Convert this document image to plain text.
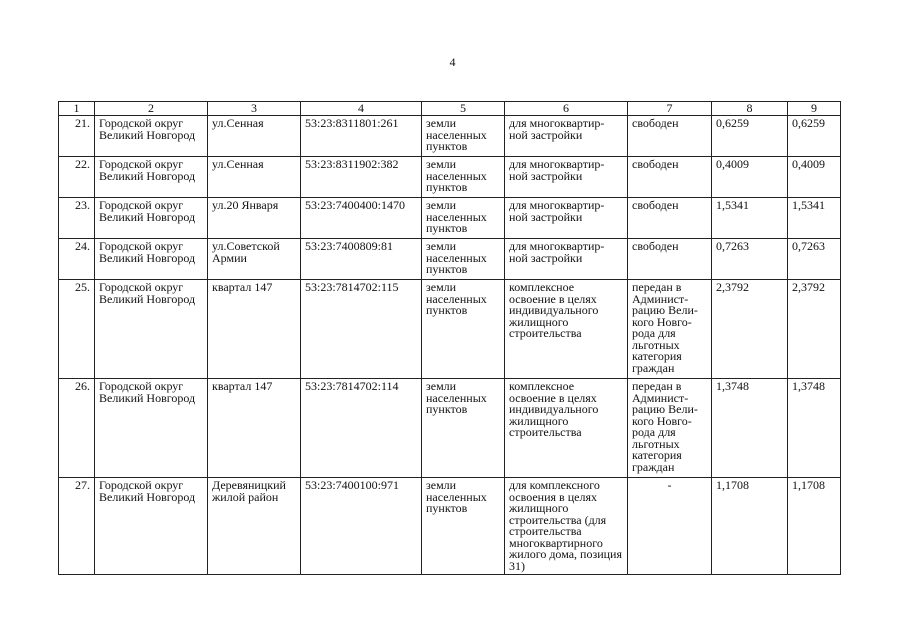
4
1	2	3	4	5	6	7	8	9
21.	Городской округ Великий Новгород	ул.Сенная	53:23:8311801:261	земли населенных пунктов	для многоквартир-ной застройки	свободен	0,6259	0,6259
22.	Городской округ Великий Новгород	ул.Сенная	53:23:8311902:382	земли населенных пунктов	для многоквартир-ной застройки	свободен	0,4009	0,4009
23.	Городской округ Великий Новгород	ул.20 Января	53:23:7400400:1470	земли населенных пунктов	для многоквартир-ной застройки	свободен	1,5341	1,5341
24.	Городской округ Великий Новгород	ул.Советской Армии	53:23:7400809:81	земли населенных пунктов	для многоквартир-ной застройки	свободен	0,7263	0,7263
25.	Городской округ Великий Новгород	квартал 147	53:23:7814702:115	земли населенных пунктов	комплексное освоение в целях индивидуального жилищного строительства	передан в Админист-рацию Вели-кого Новго-рода для льготных категория граждан	2,3792	2,3792
26.	Городской округ Великий Новгород	квартал 147	53:23:7814702:114	земли населенных пунктов	комплексное освоение в целях индивидуального жилищного строительства	передан в Админист-рацию Вели-кого Новго-рода для льготных категория граждан	1,3748	1,3748
27.	Городской округ Великий Новгород	Деревяницкий жилой район	53:23:7400100:971	земли населенных пунктов	для комплексного освоения в целях жилищного строительства (для строительства многоквартирного жилого дома, позиция 31)	-	1,1708	1,1708
